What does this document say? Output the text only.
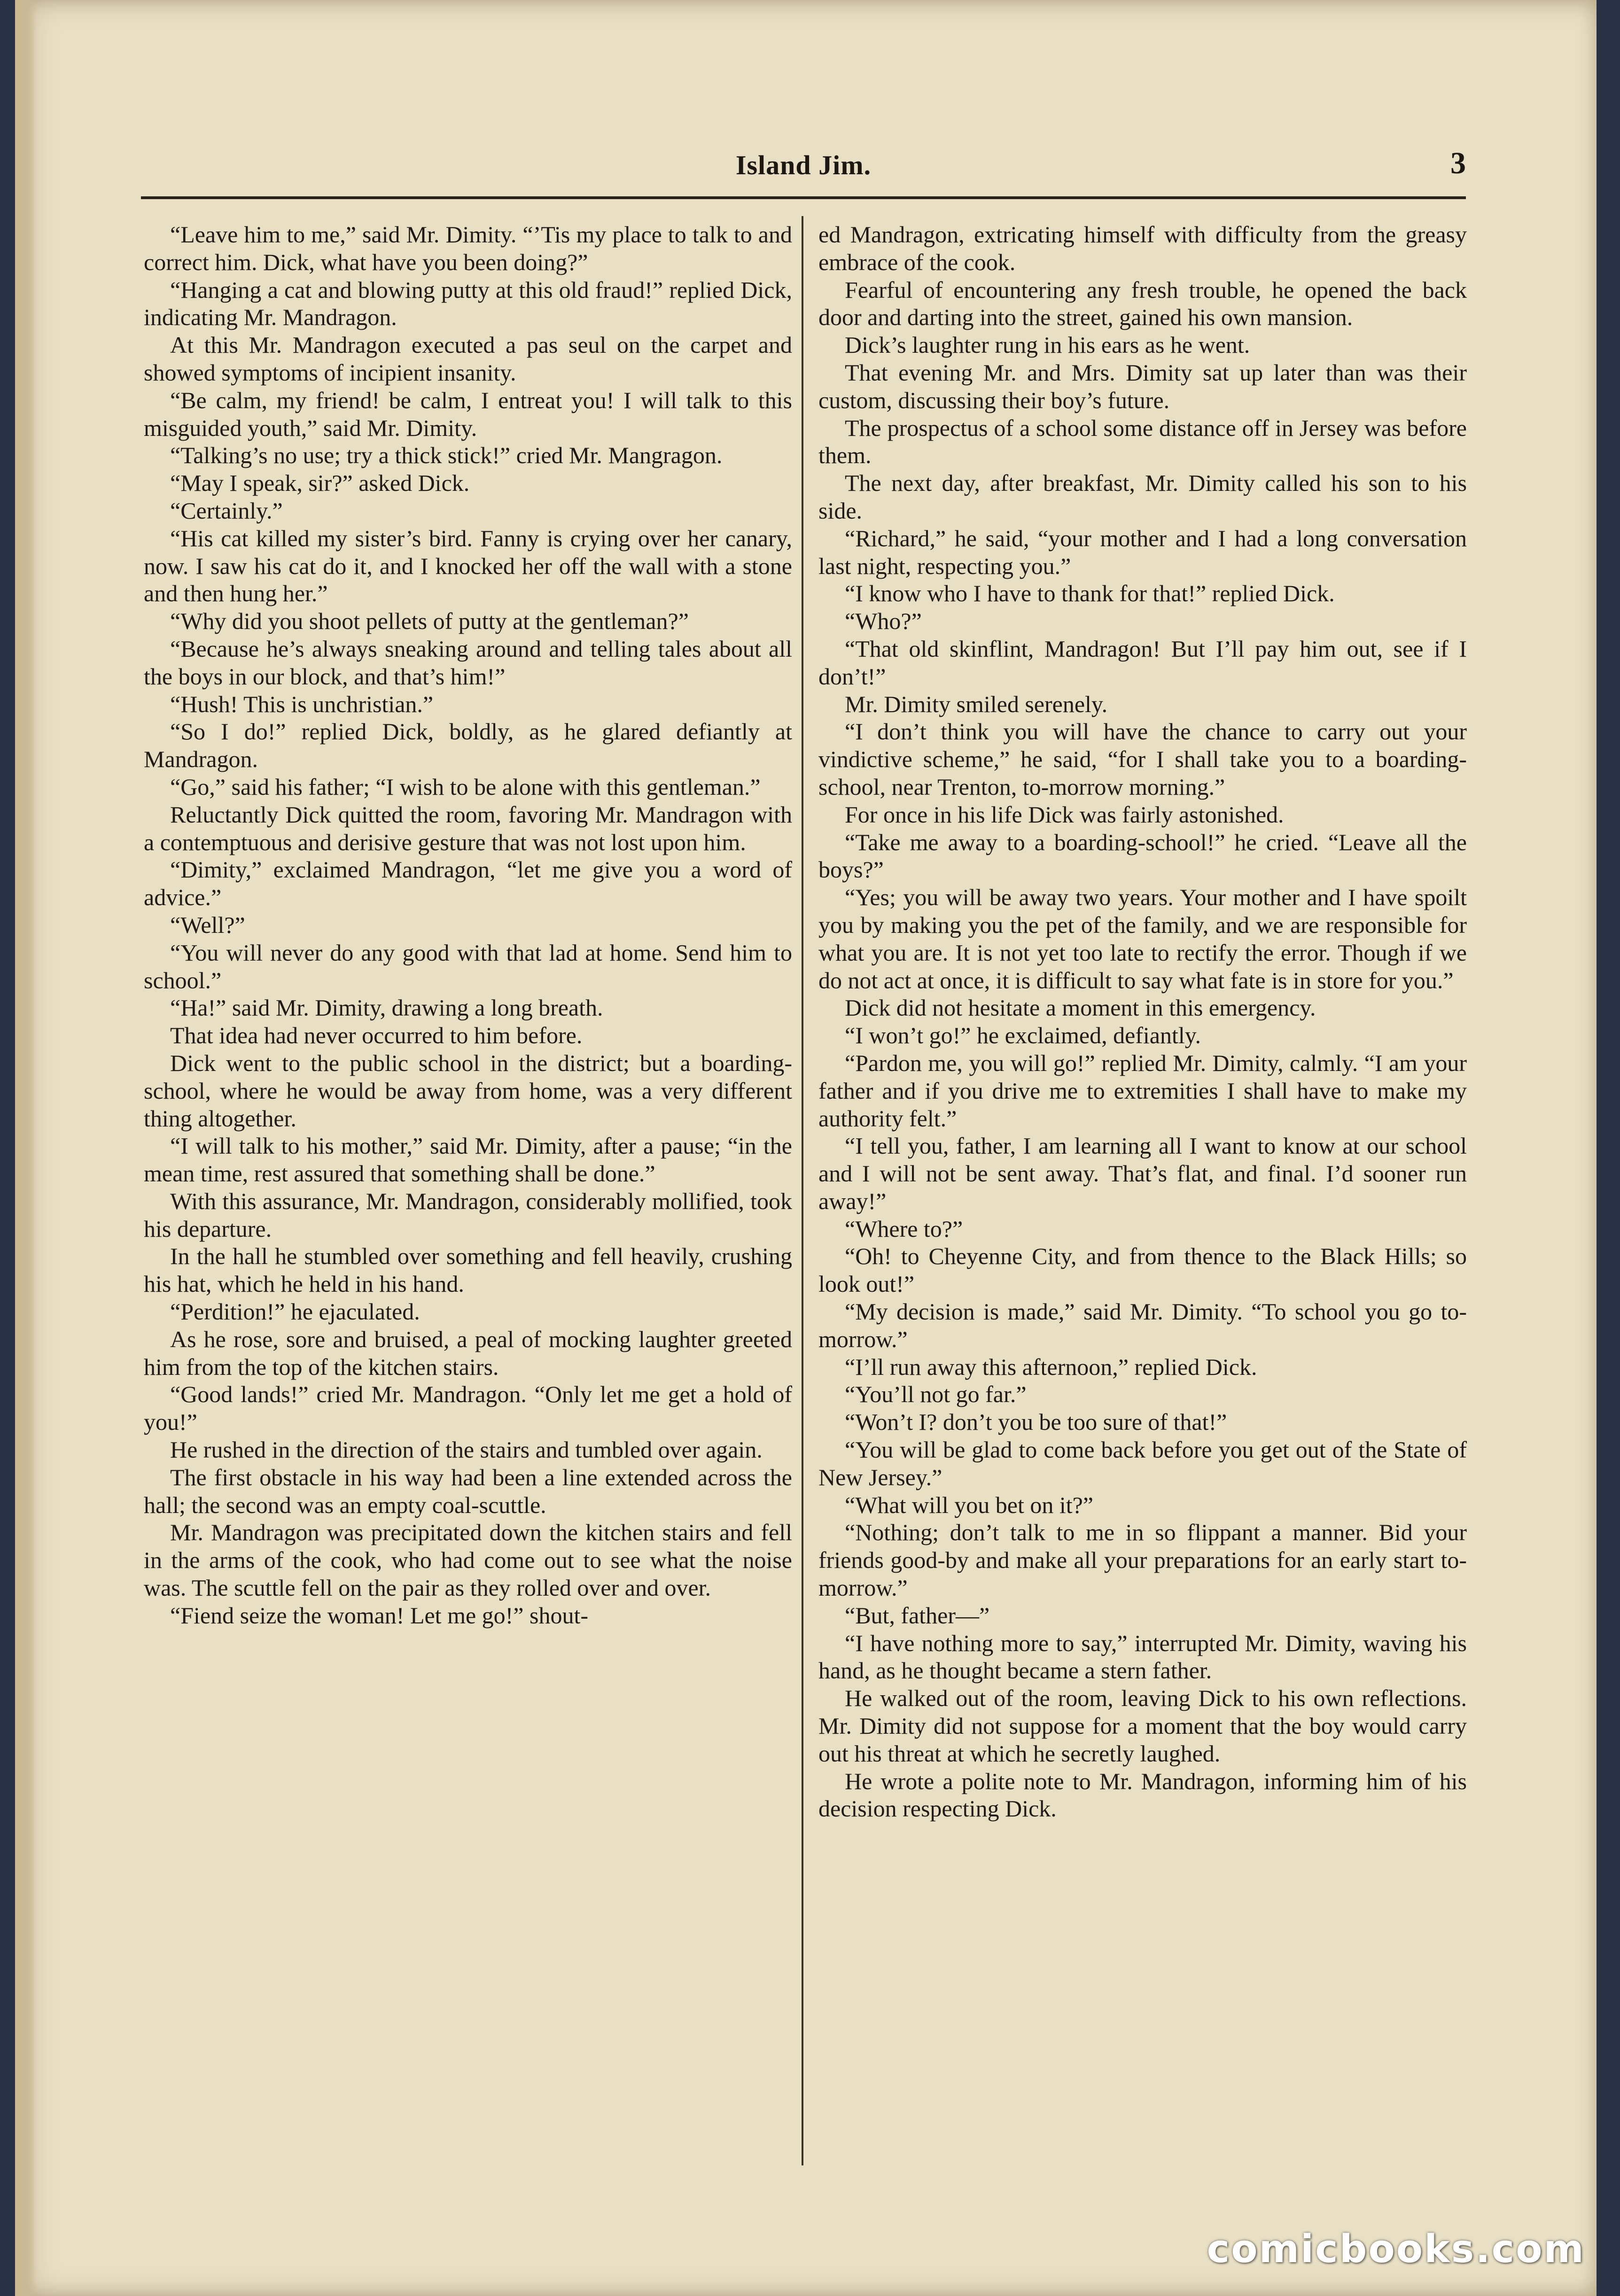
Island Jim.	3

“Leave him to me,” said Mr. Dimity. “’Tis my place to talk to and correct him. Dick, what have you been doing?”

“Hanging a cat and blowing putty at this old fraud!” replied Dick, indicating Mr. Mandragon.

At this Mr. Mandragon executed a pas seul on the carpet and showed symptoms of incipient insanity.

“Be calm, my friend! be calm, I entreat you! I will talk to this misguided youth,” said Mr. Dimity.

“Talking’s no use; try a thick stick!” cried Mr. Mangragon.

“May I speak, sir?” asked Dick.

“Certainly.”

“His cat killed my sister’s bird. Fanny is crying over her canary, now. I saw his cat do it, and I knocked her off the wall with a stone and then hung her.”

“Why did you shoot pellets of putty at the gentleman?”

“Because he’s always sneaking around and telling tales about all the boys in our block, and that’s him!”

“Hush! This is unchristian.”

“So I do!” replied Dick, boldly, as he glared defiantly at Mandragon.

“Go,” said his father; “I wish to be alone with this gentleman.”

Reluctantly Dick quitted the room, favoring Mr. Mandragon with a contemptuous and derisive gesture that was not lost upon him.

“Dimity,” exclaimed Mandragon, “let me give you a word of advice.”

“Well?”

“You will never do any good with that lad at home. Send him to school.”

“Ha!” said Mr. Dimity, drawing a long breath.

That idea had never occurred to him before.

Dick went to the public school in the district; but a boarding-school, where he would be away from home, was a very different thing altogether.

“I will talk to his mother,” said Mr. Dimity, after a pause; “in the mean time, rest assured that something shall be done.”

With this assurance, Mr. Mandragon, considerably mollified, took his departure.

In the hall he stumbled over something and fell heavily, crushing his hat, which he held in his hand.

“Perdition!” he ejaculated.

As he rose, sore and bruised, a peal of mocking laughter greeted him from the top of the kitchen stairs.

“Good lands!” cried Mr. Mandragon. “Only let me get a hold of you!”

He rushed in the direction of the stairs and tumbled over again.

The first obstacle in his way had been a line extended across the hall; the second was an empty coal-scuttle.

Mr. Mandragon was precipitated down the kitchen stairs and fell in the arms of the cook, who had come out to see what the noise was. The scuttle fell on the pair as they rolled over and over.

“Fiend seize the woman! Let me go!” shout-

ed Mandragon, extricating himself with difficulty from the greasy embrace of the cook.

Fearful of encountering any fresh trouble, he opened the back door and darting into the street, gained his own mansion.

Dick’s laughter rung in his ears as he went.

That evening Mr. and Mrs. Dimity sat up later than was their custom, discussing their boy’s future.

The prospectus of a school some distance off in Jersey was before them.

The next day, after breakfast, Mr. Dimity called his son to his side.

“Richard,” he said, “your mother and I had a long conversation last night, respecting you.”

“I know who I have to thank for that!” replied Dick.

“Who?”

“That old skinflint, Mandragon! But I’ll pay him out, see if I don’t!”

Mr. Dimity smiled serenely.

“I don’t think you will have the chance to carry out your vindictive scheme,” he said, “for I shall take you to a boarding-school, near Trenton, to-morrow morning.”

For once in his life Dick was fairly astonished.

“Take me away to a boarding-school!” he cried. “Leave all the boys?”

“Yes; you will be away two years. Your mother and I have spoilt you by making you the pet of the family, and we are responsible for what you are. It is not yet too late to rectify the error. Though if we do not act at once, it is difficult to say what fate is in store for you.”

Dick did not hesitate a moment in this emergency.

“I won’t go!” he exclaimed, defiantly.

“Pardon me, you will go!” replied Mr. Dimity, calmly. “I am your father and if you drive me to extremities I shall have to make my authority felt.”

“I tell you, father, I am learning all I want to know at our school and I will not be sent away. That’s flat, and final. I’d sooner run away!”

“Where to?”

“Oh! to Cheyenne City, and from thence to the Black Hills; so look out!”

“My decision is made,” said Mr. Dimity. “To school you go to-morrow.”

“I’ll run away this afternoon,” replied Dick.

“You’ll not go far.”

“Won’t I? don’t you be too sure of that!”

“You will be glad to come back before you get out of the State of New Jersey.”

“What will you bet on it?”

“Nothing; don’t talk to me in so flippant a manner. Bid your friends good-by and make all your preparations for an early start to-morrow.”

“But, father—”

“I have nothing more to say,” interrupted Mr. Dimity, waving his hand, as he thought became a stern father.

He walked out of the room, leaving Dick to his own reflections. Mr. Dimity did not suppose for a moment that the boy would carry out his threat at which he secretly laughed.

He wrote a polite note to Mr. Mandragon, informing him of his decision respecting Dick.

comicbooks.com
